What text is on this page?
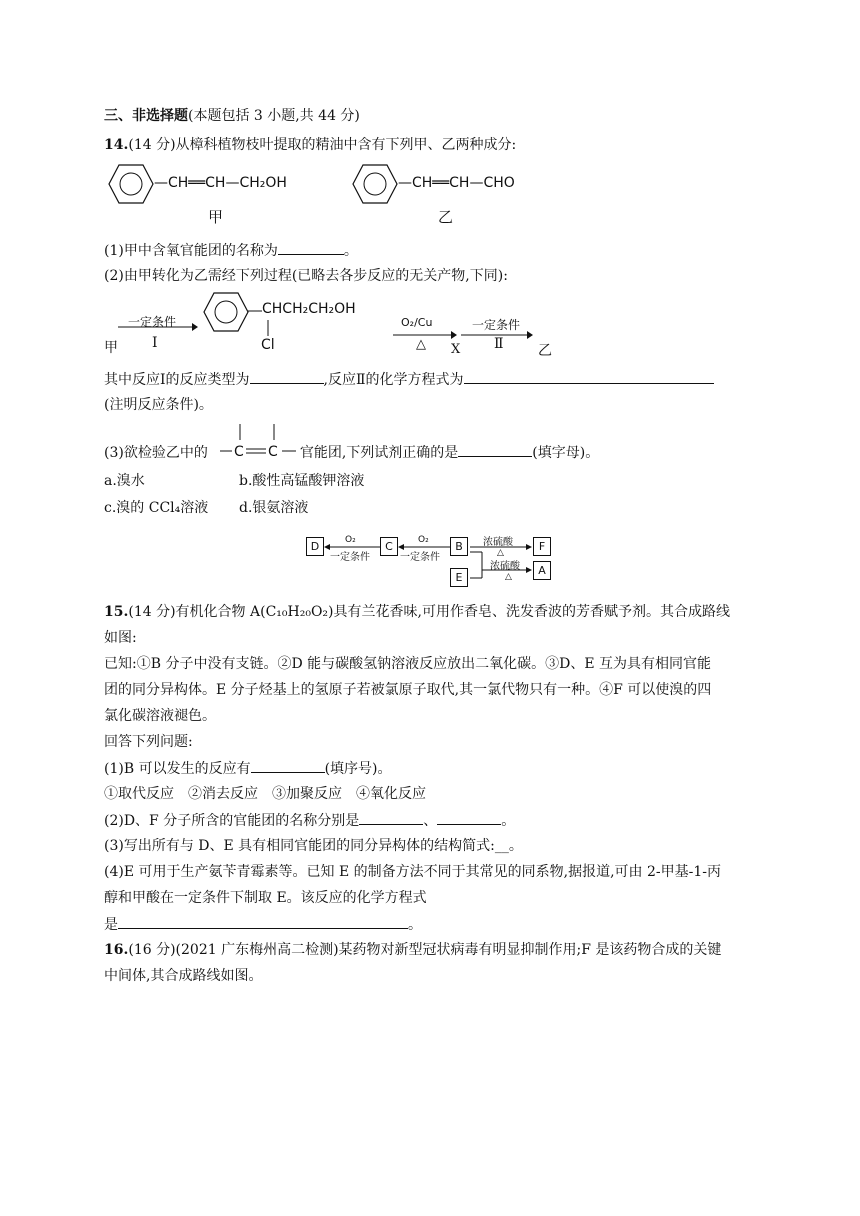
三、非选择题(本题包括 3 小题,共 44 分)
14.(14 分)从樟科植物枝叶提取的精油中含有下列甲、乙两种成分:
—CH══CH—CH₂OH
甲
—CH══CH—CHO
乙
(1)甲中含氧官能团的名称为	。
(2)由甲转化为乙需经下列过程(已略去各步反应的无关产物,下同):
甲
一定条件
Ⅰ
CHCH₂CH₂OH
Cl
O₂/Cu
△ X
一定条件
Ⅱ 乙
其中反应Ⅰ的反应类型为	,反应Ⅱ的化学方程式为
(注明反应条件)。
(3)欲检验乙中的	官能团,下列试剂正确的是	(填字母)。
C C
a.溴水	b.酸性高锰酸钾溶液
c.溴的 CCl₄溶液 d.银氨溶液
D	C	B	F
E
A
O₂
一定条件
O₂
一定条件
浓硫酸
△
浓硫酸
△
15.(14 分)有机化合物 A(C₁₀H₂₀O₂)具有兰花香味,可用作香皂、洗发香波的芳香赋予剂。其合成路线
如图:
已知:①B 分子中没有支链。②D 能与碳酸氢钠溶液反应放出二氧化碳。③D、E 互为具有相同官能
团的同分异构体。E 分子烃基上的氢原子若被氯原子取代,其一氯代物只有一种。④F 可以使溴的四
氯化碳溶液褪色。
回答下列问题:
(1)B 可以发生的反应有	(填序号)。
①取代反应　②消去反应　③加聚反应　④氧化反应
(2)D、F 分子所含的官能团的名称分别是	、	。
(3)写出所有与 D、E 具有相同官能团的同分异构体的结构简式:__。
(4)E 可用于生产氨苄青霉素等。已知 E 的制备方法不同于其常见的同系物,据报道,可由 2-甲基-1-丙
醇和甲酸在一定条件下制取 E。该反应的化学方程式
是	。
16.(16 分)(2021 广东梅州高二检测)某药物对新型冠状病毒有明显抑制作用;F 是该药物合成的关键
中间体,其合成路线如图。
